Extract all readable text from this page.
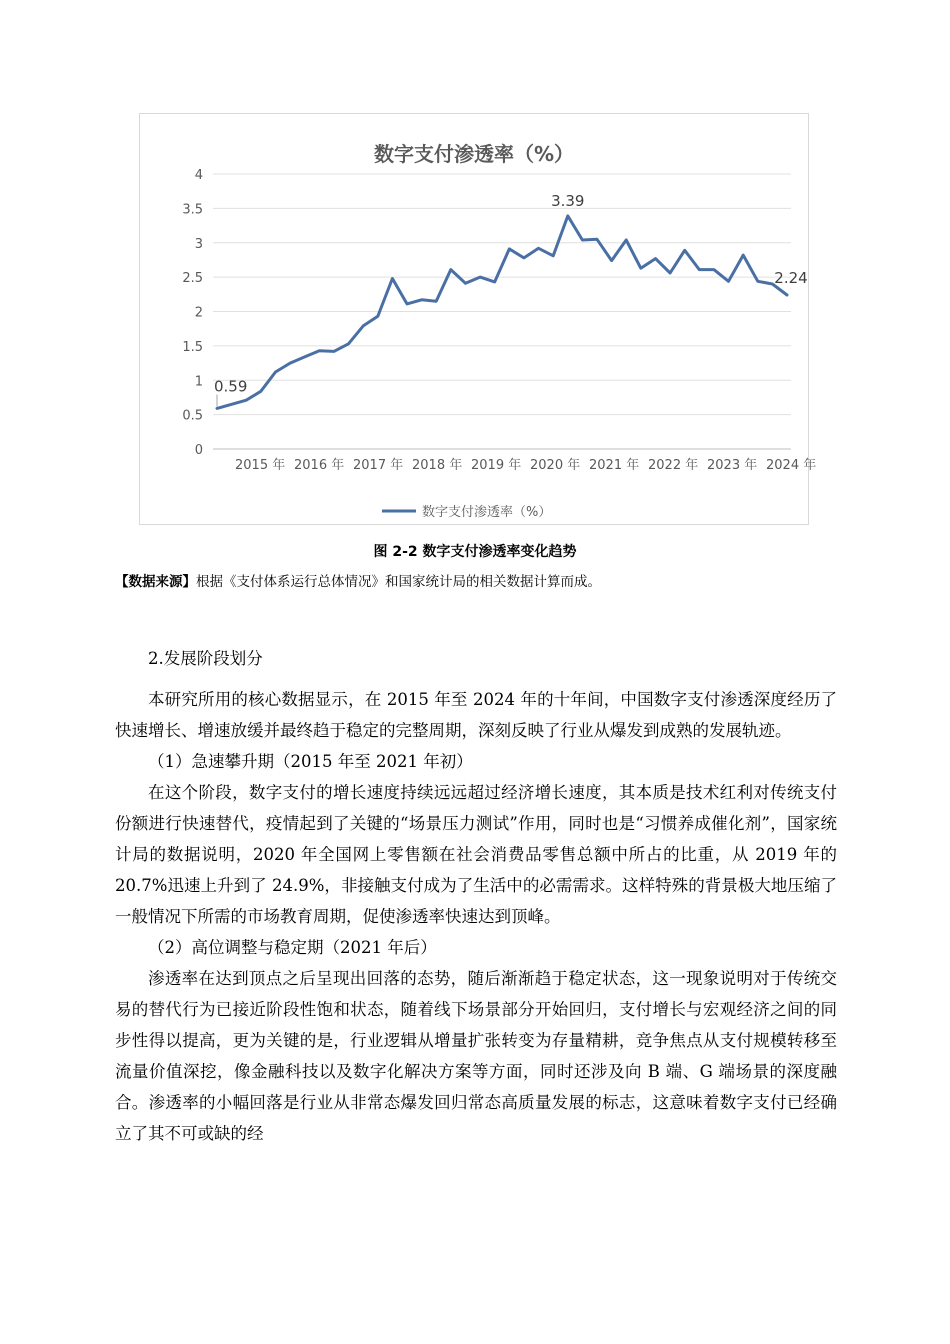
数字支付渗透率（%）
0
0.5
1
1.5
2
2.5
3
3.5
4
2015 年 2016 年 2017 年 2018 年 2019 年 2020 年 2021 年 2022 年 2023 年 2024 年
0.59
3.39
2.24
数字支付渗透率（%）
图 2-2 数字支付渗透率变化趋势
【数据来源】根据《支付体系运行总体情况》和国家统计局的相关数据计算而成。
2.发展阶段划分

本研究所用的核心数据显示，在 2015 年至 2024 年的十年间，中国数字支付渗透深度经历了快速增长、增速放缓并最终趋于稳定的完整周期，深刻反映了行业从爆发到成熟的发展轨迹。

（1）急速攀升期（2015 年至 2021 年初）

在这个阶段，数字支付的增长速度持续远远超过经济增长速度，其本质是技术红利对传统支付份额进行快速替代，疫情起到了关键的“场景压力测试”作用，同时也是“习惯养成催化剂”，国家统计局的数据说明，2020 年全国网上零售额在社会消费品零售总额中所占的比重，从 2019 年的 20.7%迅速上升到了 24.9%，非接触支付成为了生活中的必需需求。这样特殊的背景极大地压缩了一般情况下所需的市场教育周期，促使渗透率快速达到顶峰。

（2）高位调整与稳定期（2021 年后）

渗透率在达到顶点之后呈现出回落的态势，随后渐渐趋于稳定状态，这一现象说明对于传统交易的替代行为已接近阶段性饱和状态，随着线下场景部分开始回归，支付增长与宏观经济之间的同步性得以提高，更为关键的是，行业逻辑从增量扩张转变为存量精耕，竞争焦点从支付规模转移至流量价值深挖，像金融科技以及数字化解决方案等方面，同时还涉及向 B 端、G 端场景的深度融合。渗透率的小幅回落是行业从非常态爆发回归常态高质量发展的标志，这意味着数字支付已经确立了其不可或缺的经
